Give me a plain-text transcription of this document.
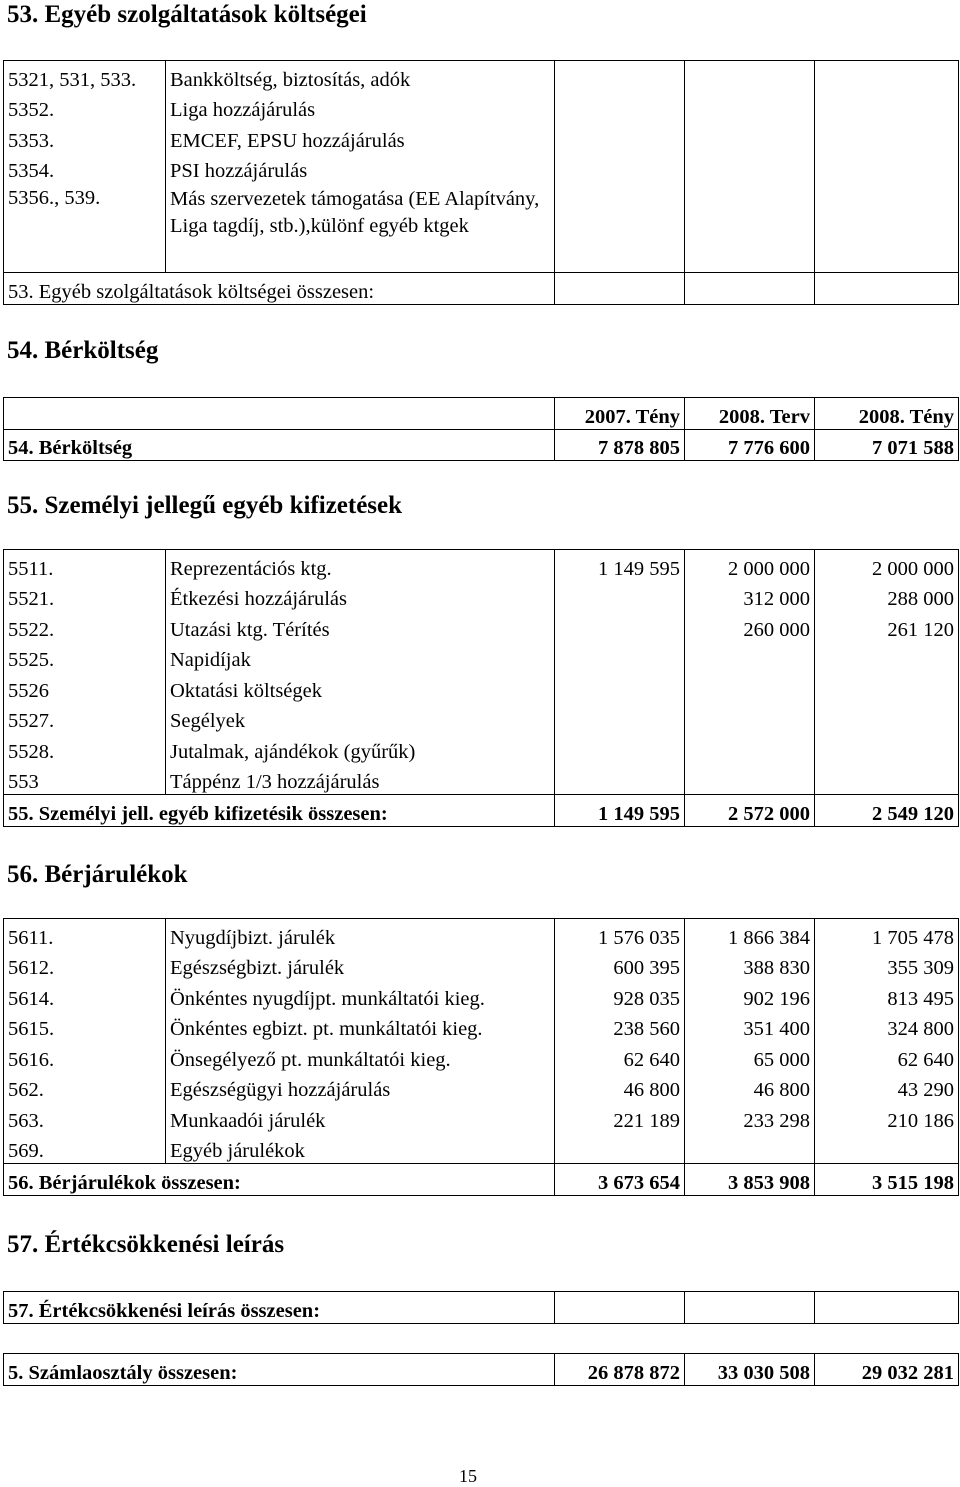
53. Egyéb szolgáltatások költségei
5321, 531, 533.	Bankköltség, biztosítás, adók			
5352.	Liga hozzájárulás			
5353.	EMCEF, EPSU hozzájárulás			
5354.	PSI hozzájárulás			
5356., 539.	Más szervezetek támogatása (EE Alapítvány, Liga tagdíj, stb.),különf egyéb ktgek			
53. Egyéb szolgáltatások költségei összesen:				
54. Bérköltség
	2007. Tény	2008. Terv	2008. Tény
54. Bérköltség	7 878 805	7 776 600	7 071 588
55. Személyi jellegű egyéb kifizetések
5511.	Reprezentációs ktg.	1 149 595	2 000 000	2 000 000
5521.	Étkezési hozzájárulás		312 000	288 000
5522.	Utazási ktg. Térítés		260 000	261 120
5525.	Napidíjak			
5526	Oktatási költségek			
5527.	Segélyek			
5528.	Jutalmak, ajándékok (gyűrűk)			
553	Táppénz 1/3 hozzájárulás			
55. Személyi jell. egyéb kifizetésik összesen:		1 149 595	2 572 000	2 549 120
56. Bérjárulékok
5611.	Nyugdíjbizt. járulék	1 576 035	1 866 384	1 705 478
5612.	Egészségbizt. járulék	600 395	388 830	355 309
5614.	Önkéntes nyugdíjpt. munkáltatói kieg.	928 035	902 196	813 495
5615.	Önkéntes egbizt. pt. munkáltatói kieg.	238 560	351 400	324 800
5616.	Önsegélyező pt. munkáltatói kieg.	62 640	65 000	62 640
562.	Egészségügyi hozzájárulás	46 800	46 800	43 290
563.	Munkaadói járulék	221 189	233 298	210 186
569.	Egyéb járulékok			
56. Bérjárulékok összesen:		3 673 654	3 853 908	3 515 198
57. Értékcsökkenési leírás
57. Értékcsökkenési leírás összesen:			
5. Számlaosztály összesen:	26 878 872	33 030 508	29 032 281
15
